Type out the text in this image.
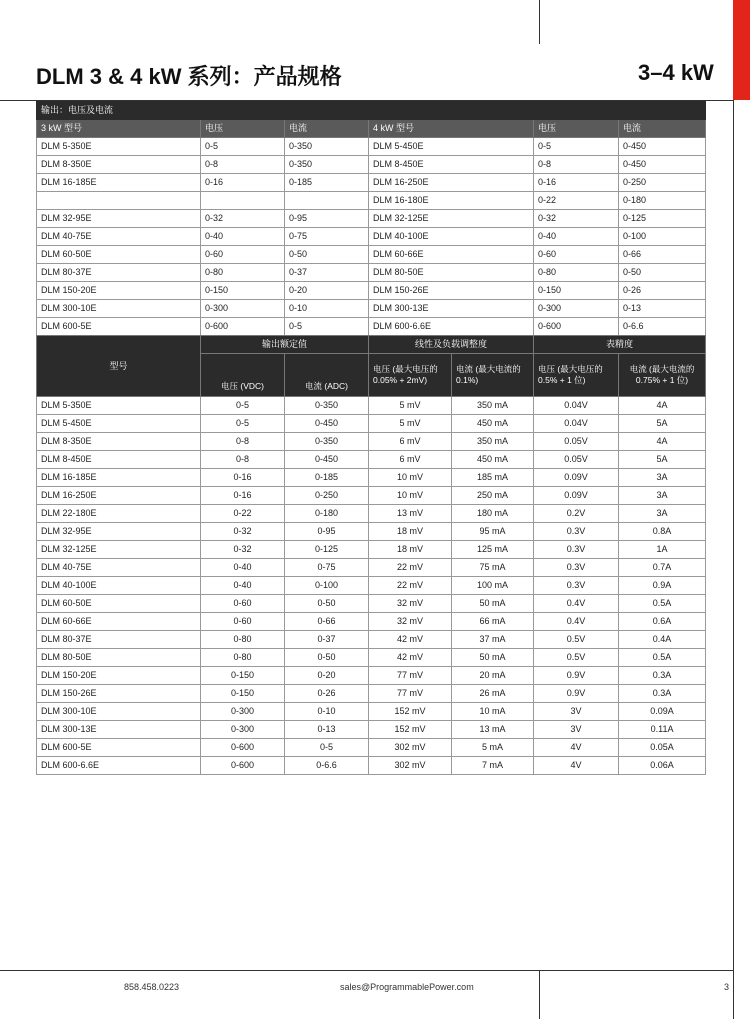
DLM 3 & 4 kW 系列：产品规格	3–4 kW
输出：电压及电流					
3 kW 型号	电压	电流	4 kW 型号	电压	电流
DLM 5-350E	0-5	0-350	DLM 5-450E	0-5	0-450
DLM 8-350E	0-8	0-350	DLM 8-450E	0-8	0-450
DLM 16-185E	0-16	0-185	DLM 16-250E	0-16	0-250
			DLM 16-180E	0-22	0-180
DLM 32-95E	0-32	0-95	DLM 32-125E	0-32	0-125
DLM 40-75E	0-40	0-75	DLM 40-100E	0-40	0-100
DLM 60-50E	0-60	0-50	DLM 60-66E	0-60	0-66
DLM 80-37E	0-80	0-37	DLM 80-50E	0-80	0-50
DLM 150-20E	0-150	0-20	DLM 150-26E	0-150	0-26
DLM 300-10E	0-300	0-10	DLM 300-13E	0-300	0-13
DLM 600-5E	0-600	0-5	DLM 600-6.6E	0-600	0-6.6
型号	输出额定值		线性及负载调整度		表精度	
	电压 (VDC)	电流 (ADC)	电压 (最大电压的0.05% + 2mV)	电流 (最大电流的0.1%)	电压 (最大电压的0.5% + 1 位)	电流 (最大电流的0.75% + 1 位)
DLM 5-350E	0-5	0-350	5 mV	350 mA	0.04V	4A
DLM 5-450E	0-5	0-450	5 mV	450 mA	0.04V	5A
DLM 8-350E	0-8	0-350	6 mV	350 mA	0.05V	4A
DLM 8-450E	0-8	0-450	6 mV	450 mA	0.05V	5A
DLM 16-185E	0-16	0-185	10 mV	185 mA	0.09V	3A
DLM 16-250E	0-16	0-250	10 mV	250 mA	0.09V	3A
DLM 22-180E	0-22	0-180	13 mV	180 mA	0.2V	3A
DLM 32-95E	0-32	0-95	18 mV	95 mA	0.3V	0.8A
DLM 32-125E	0-32	0-125	18 mV	125 mA	0.3V	1A
DLM 40-75E	0-40	0-75	22 mV	75 mA	0.3V	0.7A
DLM 40-100E	0-40	0-100	22 mV	100 mA	0.3V	0.9A
DLM 60-50E	0-60	0-50	32 mV	50 mA	0.4V	0.5A
DLM 60-66E	0-60	0-66	32 mV	66 mA	0.4V	0.6A
DLM 80-37E	0-80	0-37	42 mV	37 mA	0.5V	0.4A
DLM 80-50E	0-80	0-50	42 mV	50 mA	0.5V	0.5A
DLM 150-20E	0-150	0-20	77 mV	20 mA	0.9V	0.3A
DLM 150-26E	0-150	0-26	77 mV	26 mA	0.9V	0.3A
DLM 300-10E	0-300	0-10	152 mV	10 mA	3V	0.09A
DLM 300-13E	0-300	0-13	152 mV	13 mA	3V	0.11A
DLM 600-5E	0-600	0-5	302 mV	5 mA	4V	0.05A
DLM 600-6.6E	0-600	0-6.6	302 mV	7 mA	4V	0.06A
858.458.0223	sales@ProgrammablePower.com	3
